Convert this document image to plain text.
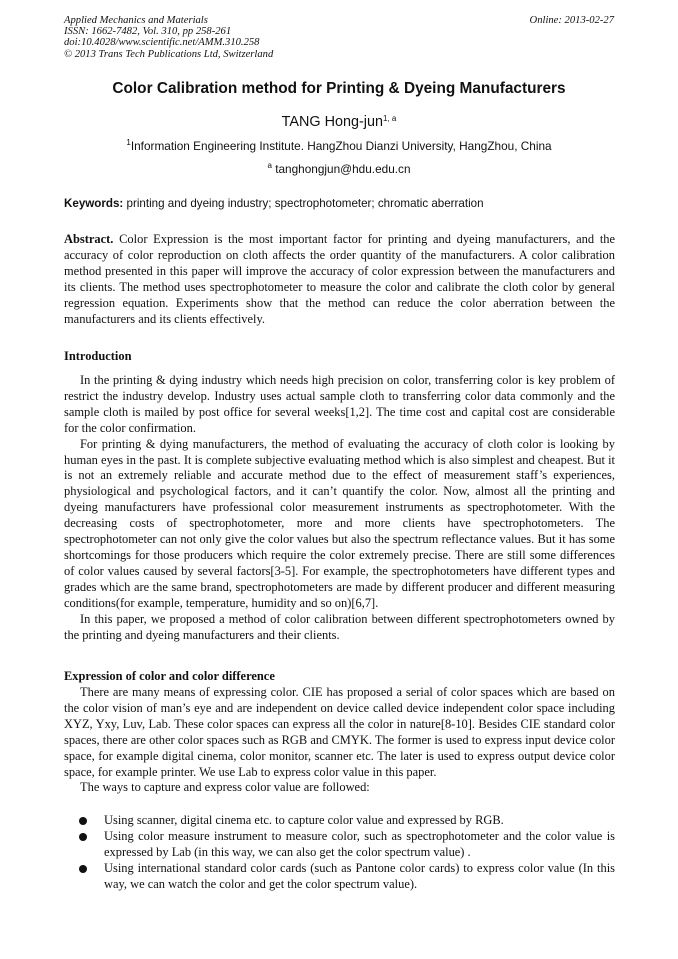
Applied Mechanics and Materials
ISSN: 1662-7482, Vol. 310, pp 258-261
doi:10.4028/www.scientific.net/AMM.310.258
© 2013 Trans Tech Publications Ltd, Switzerland
Online: 2013-02-27
Color Calibration method for Printing & Dyeing Manufacturers
TANG Hong-jun$^{1, a}$
$^1$Information Engineering Institute. HangZhou Dianzi University, HangZhou, China
$^a$ tanghongjun@hdu.edu.cn
Keywords: printing and dyeing industry; spectrophotometer; chromatic aberration

Abstract. Color Expression is the most important factor for printing and dyeing manufacturers, and the accuracy of color reproduction on cloth affects the order quantity of the manufacturers. A color calibration method presented in this paper will improve the accuracy of color expression between the manufacturers and its clients. The method uses spectrophotometer to measure the color and calibrate the cloth color by general regression equation. Experiments show that the method can reduce the color aberration between the manufacturers and its clients effectively.

Introduction

In the printing & dying industry which needs high precision on color, transferring color is key problem of restrict the industry develop. Industry uses actual sample cloth to transferring color data commonly and the sample cloth is mailed by post office for several weeks[1,2]. The time cost and capital cost are considerable for the color confirmation.

For printing & dying manufacturers, the method of evaluating the accuracy of cloth color is looking by human eyes in the past. It is complete subjective evaluating method which is also simplest and cheapest. But it is not an extremely reliable and accurate method due to the effect of measurement staff’s experiences, physiological and psychological factors, and it can’t quantify the color. Now, almost all the printing and dyeing manufacturers have professional color measurement instruments as spectrophotometer. With the decreasing costs of spectrophotometer, more and more clients have spectrophotometers. The spectrophotometer can not only give the color values but also the spectrum reflectance values. But it has some shortcomings for those producers which require the color extremely precise. There are still some differences of color values caused by several factors[3-5]. For example, the spectrophotometers have different types and grades which are the same brand, spectrophotometers are made by different producer and different measuring conditions(for example, temperature, humidity and so on)[6,7].

In this paper, we proposed a method of color calibration between different spectrophotometers owned by the printing and dyeing manufacturers and their clients.

Expression of color and color difference

There are many means of expressing color. CIE has proposed a serial of color spaces which are based on the color vision of man’s eye and are independent on device called device independent color space including XYZ, Yxy, Luv, Lab. These color spaces can express all the color in nature[8-10]. Besides CIE standard color spaces, there are other color spaces such as RGB and CMYK. The former is used to express input device color space, for example digital cinema, color monitor, scanner etc. The later is used to express output device color space, for example printer. We use Lab to express color value in this paper.

The ways to capture and express color value are followed:

Using scanner, digital cinema etc. to capture color value and expressed by RGB.
Using color measure instrument to measure color, such as spectrophotometer and the color value is expressed by Lab (in this way, we can also get the color spectrum value) .
Using international standard color cards (such as Pantone color cards) to express color value (In this way, we can watch the color and get the color spectrum value).
